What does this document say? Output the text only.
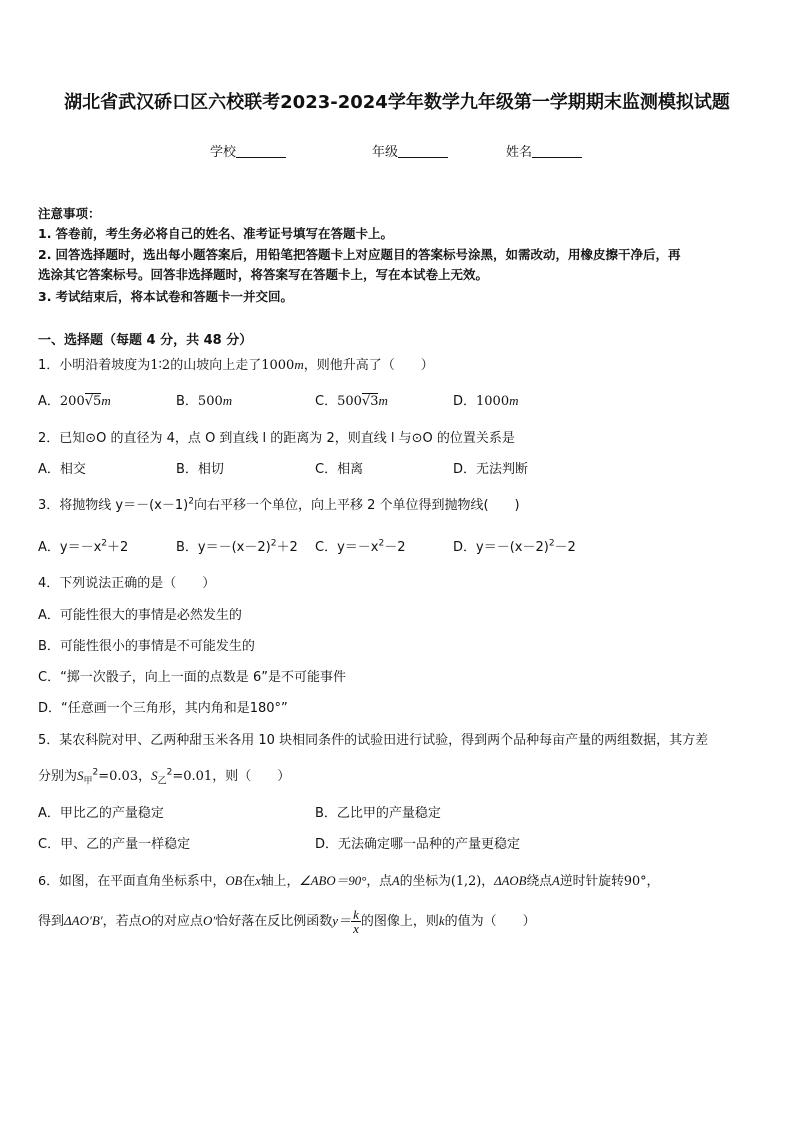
湖北省武汉硚口区六校联考2023-2024学年数学九年级第一学期期末监测模拟试题
学校	年级	姓名
注意事项：
1. 答卷前，考生务必将自己的姓名、准考证号填写在答题卡上。
2. 回答选择题时，选出每小题答案后，用铅笔把答题卡上对应题目的答案标号涂黑，如需改动，用橡皮擦干净后，再
选涂其它答案标号。回答非选择题时，将答案写在答题卡上，写在本试卷上无效。
3. 考试结束后，将本试卷和答题卡一并交回。
一、选择题（每题 4 分，共 48 分）
1．小明沿着坡度为1∶2的山坡向上走了1000m，则他升高了（　　）
A．200√5m	B．500m	C．500√3m	D．1000m
2．已知⊙O 的直径为 4，点 O 到直线 l 的距离为 2，则直线 l 与⊙O 的位置关系是
A．相交	B．相切	C．相离	D．无法判断
3．将抛物线 $y=-(x-1)^2$向右平移一个单位，向上平移 2 个单位得到抛物线(　　)
A．$y=-x^2+2$	B．$y=-(x-2)^2+2$ C．$y=-x^2-2$	D．$y=-(x-2)^2-2$
4．下列说法正确的是（　　）
A．可能性很大的事情是必然发生的
B．可能性很小的事情是不可能发生的
C．“掷一次骰子，向上一面的点数是 6”是不可能事件
D．“任意画一个三角形，其内角和是180°”
5．某农科院对甲、乙两种甜玉米各用 10 块相同条件的试验田进行试验，得到两个品种每亩产量的两组数据，其方差
分别为$S_甲^2=0.03$，$S_乙^2=0.01$，则（　　）
A．甲比乙的产量稳定	B．乙比甲的产量稳定
C．甲、乙的产量一样稳定	D．无法确定哪一品种的产量更稳定
6．如图，在平面直角坐标系中，OB在x轴上，∠ABO＝90°，点A的坐标为(1,2)，ΔAOB绕点A逆时针旋转90°，
得到ΔAO′B′，若点O的对应点O′恰好落在反比例函数$y= \frac{k}{x}$ 的图像上，则k的值为（　　）
